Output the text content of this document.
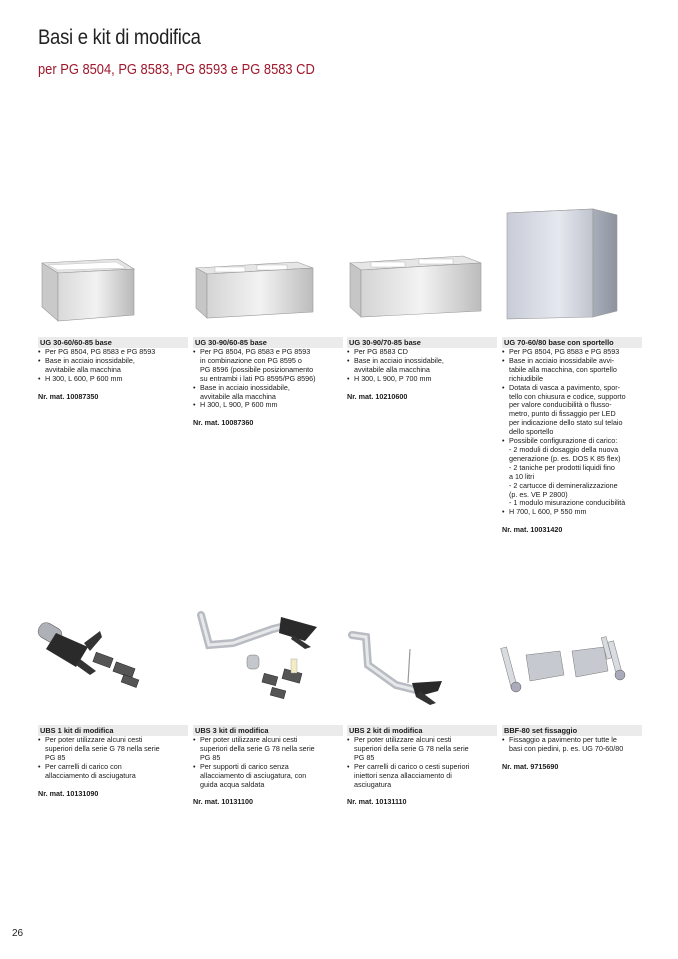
Basi e kit di modifica
per PG 8504, PG 8583, PG 8593 e PG 8583 CD
UG 30-60/60-85 base
• Per PG 8504, PG 8583 e PG 8593
• Base in acciaio inossidabile,
avvitabile alla macchina
• H 300, L 600, P 600 mm
Nr. mat. 10087350
UG 30-90/60-85 base
• Per PG 8504, PG 8583 e PG 8593
in combinazione con PG 8595 o
PG 8596 (possibile posizionamento
su entrambi i lati PG 8595/PG 8596)
• Base in acciaio inossidabile,
avvitabile alla macchina
• H 300, L 900, P 600 mm
Nr. mat. 10087360
UG 30-90/70-85 base
• Per PG 8583 CD
• Base in acciaio inossidabile,
avvitabile alla macchina
• H 300, L 900, P 700 mm
Nr. mat. 10210600
UG 70-60/80 base con sportello
• Per PG 8504, PG 8583 e PG 8593
• Base in acciaio inossidabile avvi-
tabile alla macchina, con sportello
richiudibile
• Dotata di vasca a pavimento, spor-
tello con chiusura e codice, supporto
per valore conducibilità o flusso-
metro, punto di fissaggio per LED
per indicazione dello stato sul telaio
dello sportello
• Possibile configurazione di carico:
- 2 moduli di dosaggio della nuova
generazione (p. es. DOS K 85 flex)
- 2 taniche per prodotti liquidi fino
a 10 litri
- 2 cartucce di demineralizzazione
(p. es. VE P 2800)
- 1 modulo misurazione conducibilità
• H 700, L 600, P 550 mm
Nr. mat. 10031420
UBS 1 kit di modifica
• Per poter utilizzare alcuni cesti
superiori della serie G 78 nella serie
PG 85
• Per carrelli di carico con
allacciamento di asciugatura
Nr. mat. 10131090
UBS 3 kit di modifica
• Per poter utilizzare alcuni cesti
superiori della serie G 78 nella serie
PG 85
• Per supporti di carico senza
allacciamento di asciugatura, con
guida acqua saldata
Nr. mat. 10131100
UBS 2 kit di modifica
• Per poter utilizzare alcuni cesti
superiori della serie G 78 nella serie
PG 85
• Per carrelli di carico o cesti superiori
iniettori senza allacciamento di
asciugatura
Nr. mat. 10131110
BBF-80 set fissaggio
• Fissaggio a pavimento per tutte le
basi con piedini, p. es. UG 70-60/80
Nr. mat. 9715690
26
